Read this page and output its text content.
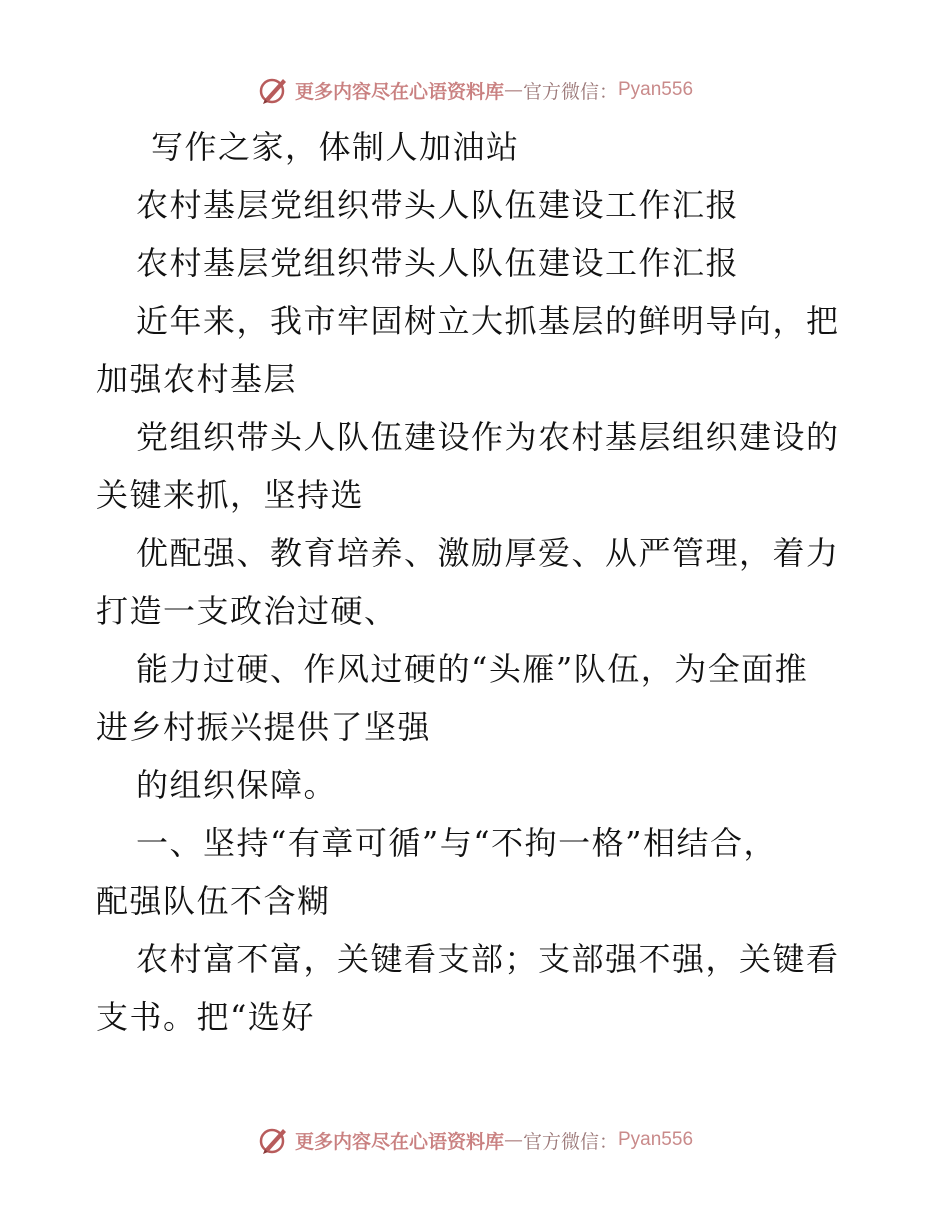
更多内容尽在心语资料库 — 官方微信： Pyan556
写作之家，体制人加油站
农村基层党组织带头人队伍建设工作汇报
农村基层党组织带头人队伍建设工作汇报
近年来，我市牢固树立大抓基层的鲜明导向，把
加强农村基层
党组织带头人队伍建设作为农村基层组织建设的
关键来抓，坚持选
优配强、教育培养、激励厚爱、从严管理，着力
打造一支政治过硬、
能力过硬、作风过硬的“头雁”队伍，为全面推
进乡村振兴提供了坚强
的组织保障。
一、坚持“有章可循”与“不拘一格”相结合，
配强队伍不含糊
农村富不富，关键看支部；支部强不强，关键看
支书。把“选好
更多内容尽在心语资料库 — 官方微信： Pyan556
